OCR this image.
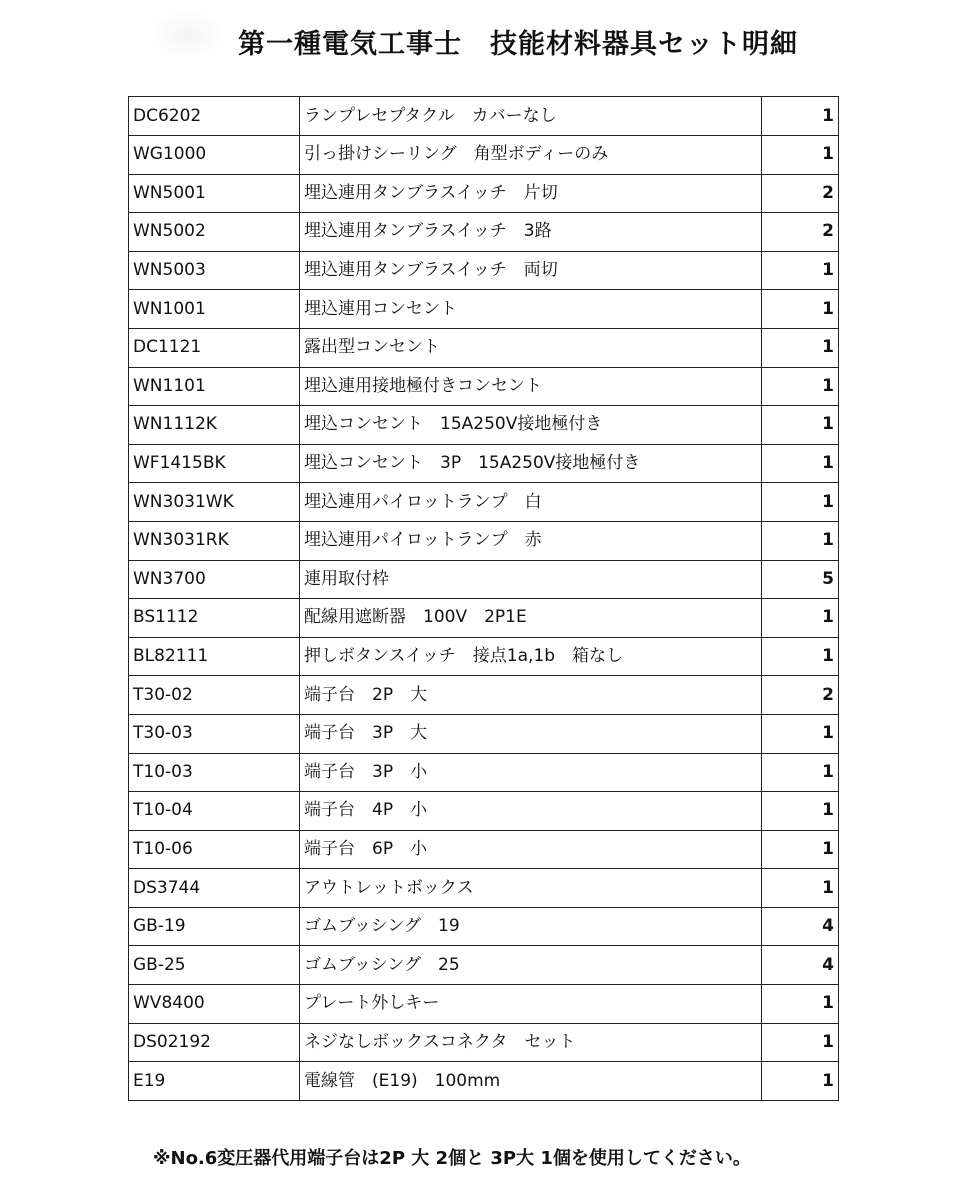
第一種電気工事士　技能材料器具セット明細
DC6202	ランプレセプタクル　カバーなし	1
WG1000	引っ掛けシーリング　角型ボディーのみ	1
WN5001	埋込連用タンブラスイッチ　片切	2
WN5002	埋込連用タンブラスイッチ　3路	2
WN5003	埋込連用タンブラスイッチ　両切	1
WN1001	埋込連用コンセント	1
DC1121	露出型コンセント	1
WN1101	埋込連用接地極付きコンセント	1
WN1112K	埋込コンセント　15A250V接地極付き	1
WF1415BK	埋込コンセント　3P　15A250V接地極付き	1
WN3031WK	埋込連用パイロットランプ　白	1
WN3031RK	埋込連用パイロットランプ　赤	1
WN3700	連用取付枠	5
BS1112	配線用遮断器　100V　2P1E	1
BL82111	押しボタンスイッチ　接点1a,1b　箱なし	1
T30-02	端子台　2P　大	2
T30-03	端子台　3P　大	1
T10-03	端子台　3P　小	1
T10-04	端子台　4P　小	1
T10-06	端子台　6P　小	1
DS3744	アウトレットボックス	1
GB-19	ゴムブッシング　19	4
GB-25	ゴムブッシング　25	4
WV8400	プレート外しキー	1
DS02192	ネジなしボックスコネクタ　セット	1
E19	電線管　(E19)　100mm	1
※No.6変圧器代用端子台は2P 大 2個と 3P大 1個を使用してください。
